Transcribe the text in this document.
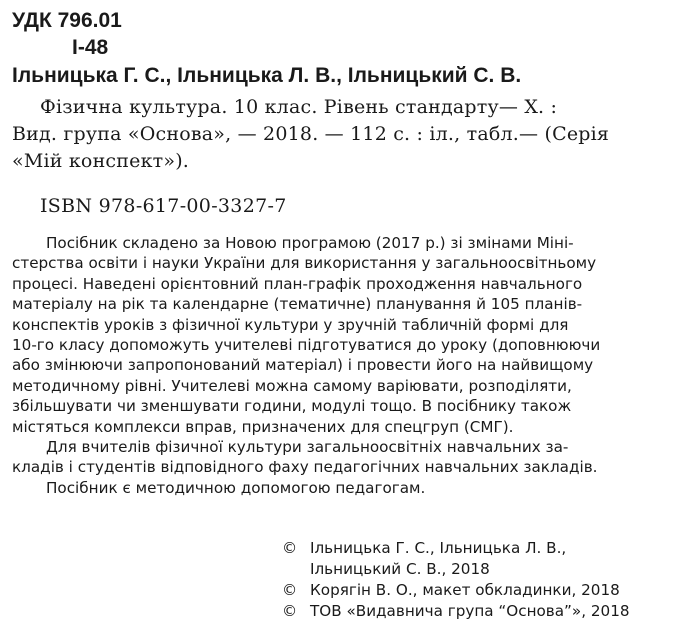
УДК 796.01
І-48
Ільницька Г. С., Ільницька Л. В., Ільницький С. В.
Фізична культура. 10 клас. Рівень стандарту— Х. :
Вид. група «Основа», — 2018. — 112 с. : іл., табл.— (Серія
«Мій конспект»).
ISBN 978-617-00-3327-7
Посібник складено за Новою програмою (2017 р.) зі змінами Міні-
стерства освіти і науки України для використання у загальноосвітньому
процесі. Наведені орієнтовний план-графік проходження навчального
матеріалу на рік та календарне (тематичне) планування й 105 планів-
конспектів уроків з фізичної культури у зручній табличній формі для
10-го класу допоможуть учителеві підготуватися до уроку (доповнюючи
або змінюючи запропонований матеріал) і провести його на найвищому
методичному рівні. Учителеві можна самому варіювати, розподіляти,
збільшувати чи зменшувати години, модулі тощо. В посібнику також
містяться комплекси вправ, призначених для спецгруп (СМГ).
Для вчителів фізичної культури загальноосвітніх навчальних за-
кладів і студентів відповідного фаху педагогічних навчальних закладів.
Посібник є методичною допомогою педагогам.
© Ільницька Г. С., Ільницька Л. В.,
Ільницький С. В., 2018
© Корягін В. О., макет обкладинки, 2018
© ТОВ «Видавнича група “Основа”», 2018
